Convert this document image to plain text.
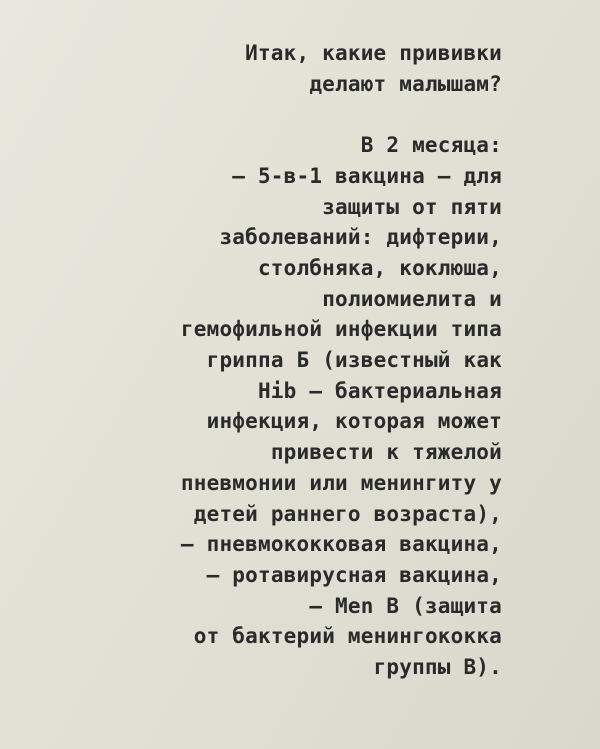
Итак, какие прививки
делают малышам?
В 2 месяца:
– 5-в-1 вакцина – для
защиты от пяти
заболеваний: дифтерии,
столбняка, коклюша,
полиомиелита и
гемофильной инфекции типа
гриппа Б (известный как
Hib – бактериальная
инфекция, которая может
привести к тяжелой
пневмонии или менингиту у
детей раннего возраста),
– пневмококковая вакцина,
– ротавирусная вакцина,
– Men B (защита
от бактерий менингококка
группы B).
